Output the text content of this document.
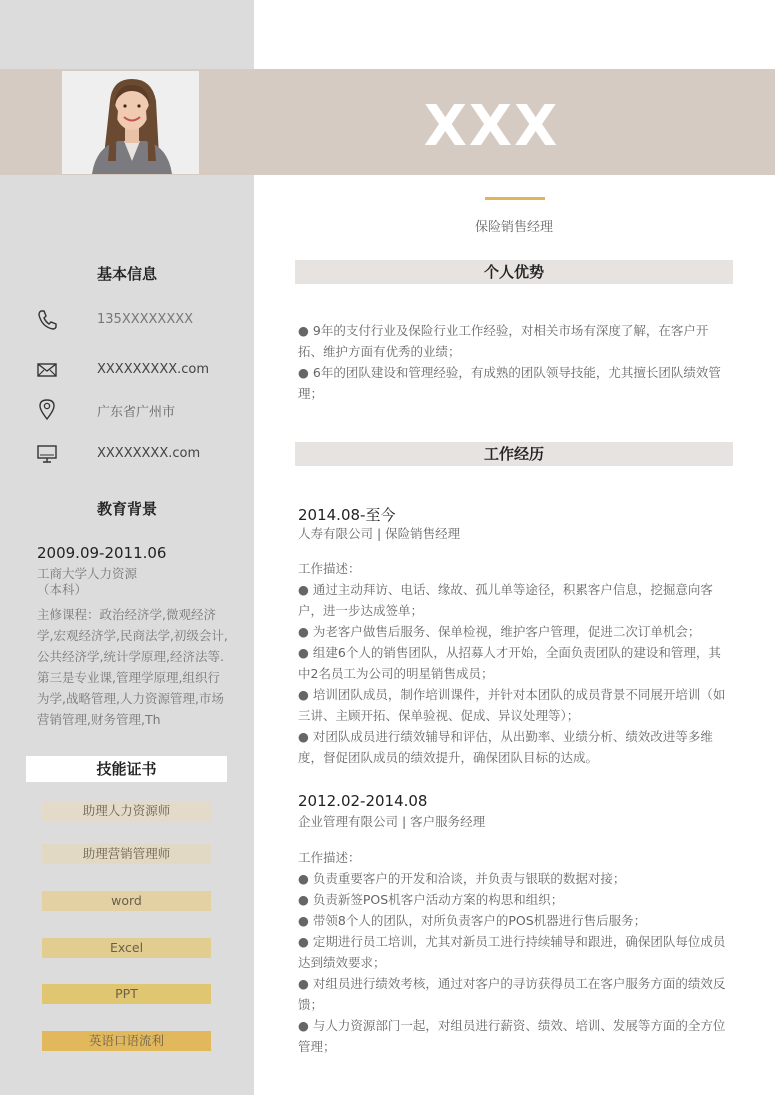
XXX
保险销售经理
基本信息
135XXXXXXXX
XXXXXXXXX.com
广东省广州市
XXXXXXXX.com
教育背景
2009.09-2011.06
工商大学人力资源
（本科）
主修课程：政治经济学,微观经济学,宏观经济学,民商法学,初级会计,公共经济学,统计学原理,经济法等.第三是专业课,管理学原理,组织行为学,战略管理,人力资源管理,市场营销管理,财务管理,Th
技能证书
助理人力资源师
助理营销管理师
word
Excel
PPT
英语口语流利
个人优势
● 9年的支付行业及保险行业工作经验，对相关市场有深度了解，在客户开拓、维护方面有优秀的业绩；
● 6年的团队建设和管理经验，有成熟的团队领导技能，尤其擅长团队绩效管理；
工作经历
2014.08-至今
人寿有限公司 | 保险销售经理
工作描述：
● 通过主动拜访、电话、缘故、孤儿单等途径，积累客户信息，挖掘意向客户，进一步达成签单；
● 为老客户做售后服务、保单检视，维护客户管理，促进二次订单机会；
● 组建6个人的销售团队，从招募人才开始，全面负责团队的建设和管理，其中2名员工为公司的明星销售成员；
● 培训团队成员，制作培训课件，并针对本团队的成员背景不同展开培训（如三讲、主顾开拓、保单验视、促成、异议处理等）；
● 对团队成员进行绩效辅导和评估，从出勤率、业绩分析、绩效改进等多维度，督促团队成员的绩效提升，确保团队目标的达成。
2012.02-2014.08
企业管理有限公司 | 客户服务经理
工作描述：
● 负责重要客户的开发和洽谈，并负责与银联的数据对接；
● 负责新签POS机客户活动方案的构思和组织；
● 带领8个人的团队，对所负责客户的POS机器进行售后服务；
● 定期进行员工培训，尤其对新员工进行持续辅导和跟进，确保团队每位成员达到绩效要求；
● 对组员进行绩效考核，通过对客户的寻访获得员工在客户服务方面的绩效反馈；
● 与人力资源部门一起，对组员进行薪资、绩效、培训、发展等方面的全方位管理；
